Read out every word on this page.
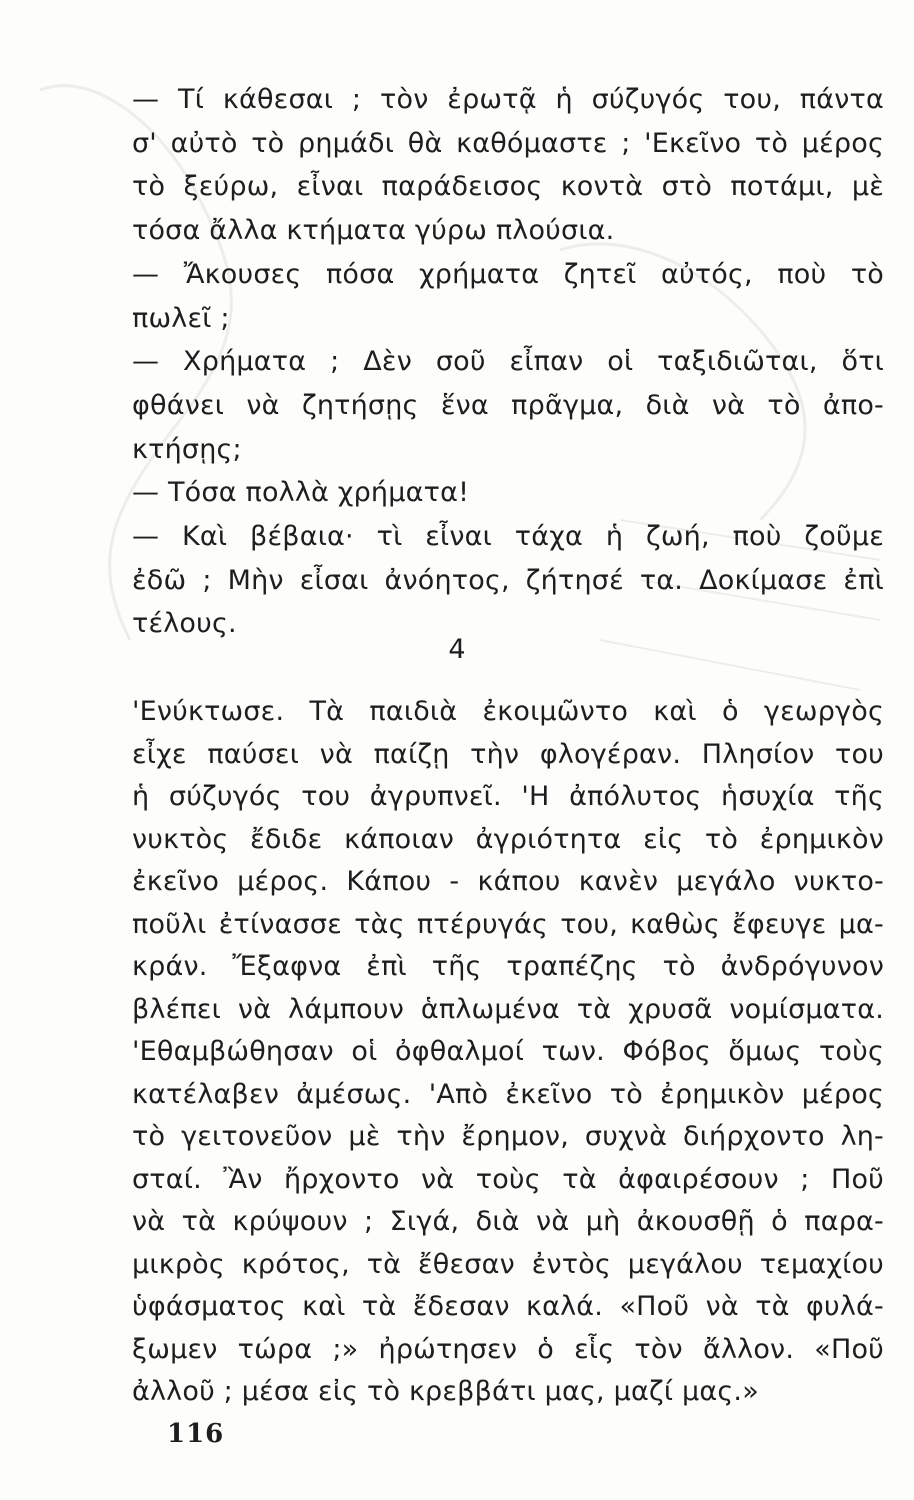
— Τί κάθεσαι ; τὸν ἐρωτᾷ ἡ σύζυγός του, πάντα
σ' αὐτὸ τὸ ρημάδι θὰ καθόμαστε ; 'Εκεῖνο τὸ μέρος
τὸ ξεύρω, εἶναι παράδεισος κοντὰ στὸ ποτάμι, μὲ
τόσα ἄλλα κτήματα γύρω πλούσια.
— Ἄκουσες πόσα χρήματα ζητεῖ αὐτός, ποὺ τὸ
πωλεῖ ;
— Χρήματα ; Δὲν σοῦ εἶπαν οἱ ταξιδιῶται, ὅτι
φθάνει νὰ ζητήσῃς ἕνα πρᾶγμα, διὰ νὰ τὸ ἀπο-
κτήσῃς;
— Τόσα πολλὰ χρήματα!
— Καὶ βέβαια· τὶ εἶναι τάχα ἡ ζωή, ποὺ ζοῦμε
ἐδῶ ; Μὴν εἶσαι ἀνόητος, ζήτησέ τα. Δοκίμασε ἐπὶ
τέλους.
4
'Ενύκτωσε. Τὰ παιδιὰ ἐκοιμῶντο καὶ ὁ γεωργὸς
εἶχε παύσει νὰ παίζῃ τὴν φλογέραν. Πλησίον του
ἡ σύζυγός του ἀγρυπνεῖ. 'Η ἀπόλυτος ἡσυχία τῆς
νυκτὸς ἔδιδε κάποιαν ἀγριότητα εἰς τὸ ἐρημικὸν
ἐκεῖνο μέρος. Κάπου - κάπου κανὲν μεγάλο νυκτο-
ποῦλι ἐτίνασσε τὰς πτέρυγάς του, καθὼς ἔφευγε μα-
κράν. Ἔξαφνα ἐπὶ τῆς τραπέζης τὸ ἀνδρόγυνον
βλέπει νὰ λάμπουν ἁπλωμένα τὰ χρυσᾶ νομίσματα.
'Εθαμβώθησαν οἱ ὀφθαλμοί των. Φόβος ὅμως τοὺς
κατέλαβεν ἀμέσως. 'Απὸ ἐκεῖνο τὸ ἐρημικὸν μέρος
τὸ γειτονεῦον μὲ τὴν ἔρημον, συχνὰ διήρχοντο λη-
σταί. Ἂν ἤρχοντο νὰ τοὺς τὰ ἀφαιρέσουν ; Ποῦ
νὰ τὰ κρύψουν ; Σιγά, διὰ νὰ μὴ ἀκουσθῇ ὁ παρα-
μικρὸς κρότος, τὰ ἔθεσαν ἐντὸς μεγάλου τεμαχίου
ὑφάσματος καὶ τὰ ἔδεσαν καλά. «Ποῦ νὰ τὰ φυλά-
ξωμεν τώρα ;» ἠρώτησεν ὁ εἷς τὸν ἄλλον. «Ποῦ
ἀλλοῦ ; μέσα εἰς τὸ κρεββάτι μας, μαζί μας.»
116
